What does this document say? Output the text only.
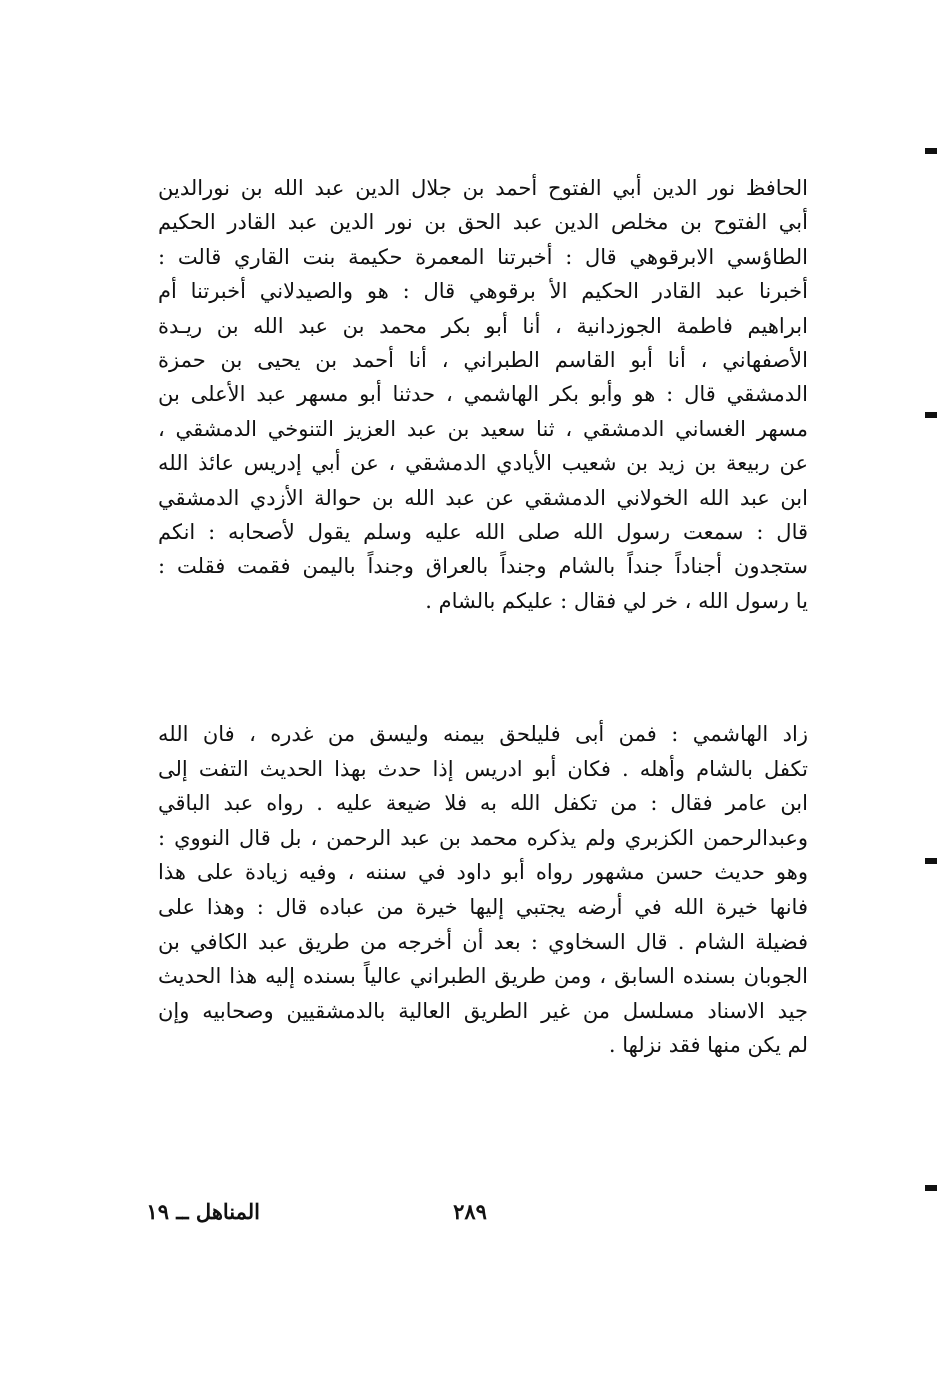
الحافظ نور الدين أبي الفتوح أحمد بن جلال الدين عبد الله بن نورالدين
أبي الفتوح بن مخلص الدين عبد الحق بن نور الدين عبد القادر الحكيم
الطاؤسي الابرقوهي قال : أخبرتنا المعمرة حكيمة بنت القاري قالت :
أخبرنا عبد القادر الحكيم الأ برقوهي قال : هو والصيدلاني أخبرتنا أم
ابراهيم فاطمة الجوزدانية ، أنا أبو بكر محمد بن عبد الله بن ريـدة
الأصفهاني ، أنا أبو القاسم الطبراني ، أنا أحمد بن يحيى بن حمزة
الدمشقي قال : هو وأبو بكر الهاشمي ، حدثنا أبو مسهر عبد الأعلى بن
مسهر الغساني الدمشقي ، ثنا سعيد بن عبد العزيز التنوخي الدمشقي ،
عن ربيعة بن زيد بن شعيب الأيادي الدمشقي ، عن أبي إدريس عائذ الله
ابن عبد الله الخولاني الدمشقي عن عبد الله بن حوالة الأزدي الدمشقي
قال : سمعت رسول الله صلى الله عليه وسلم يقول لأصحابه : انكم
ستجدون أجناداً جنداً بالشام وجنداً بالعراق وجنداً باليمن فقمت فقلت :
يا رسول الله ، خر لي فقال : عليكم بالشام .
زاد الهاشمي : فمن أبى فليلحق بيمنه وليسق من غدره ، فان الله
تكفل بالشام وأهله . فكان أبو ادريس إذا حدث بهذا الحديث التفت إلى
ابن عامر فقال : من تكفل الله به فلا ضيعة عليه . رواه عبد الباقي
وعبدالرحمن الكزبري ولم يذكره محمد بن عبد الرحمن ، بل قال النووي :
وهو حديث حسن مشهور رواه أبو داود في سننه ، وفيه زيادة على هذا
فانها خيرة الله في أرضه يجتبي إليها خيرة من عباده قال : وهذا على
فضيلة الشام . قال السخاوي : بعد أن أخرجه من طريق عبد الكافي بن
الجوبان بسنده السابق ، ومن طريق الطبراني عالياً بسنده إليه هذا الحديث
جيد الاسناد مسلسل من غير الطريق العالية بالدمشقيين وصحابيه وإن
لم يكن منها فقد نزلها .
٢٨٩
المناهل ــ ١٩
